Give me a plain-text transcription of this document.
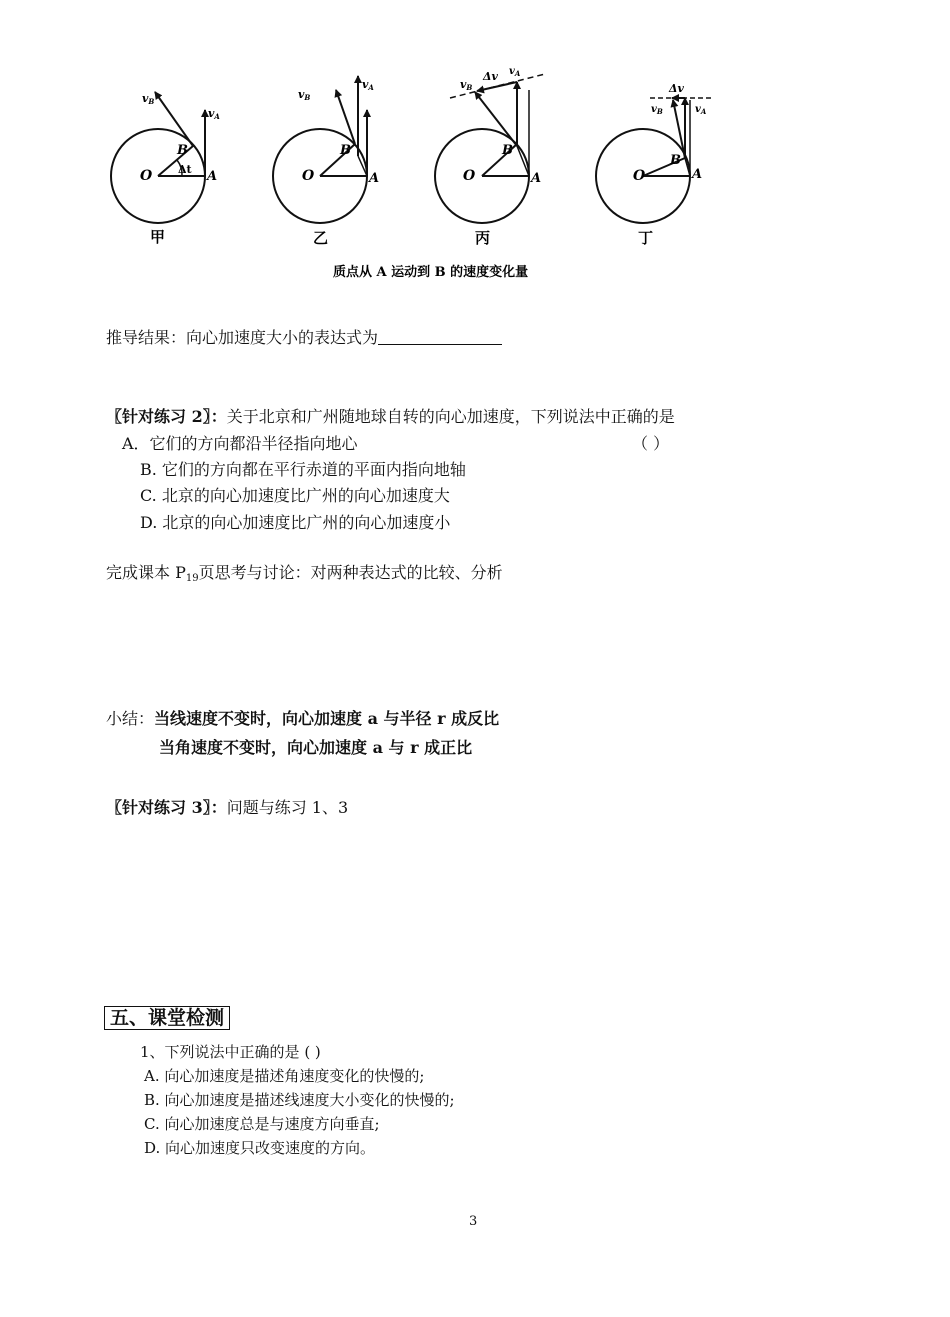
O
B
A
Δt
vB
vA
甲
O
B
A
vB
vA
乙
O
B
A
vB
Δv $v_A$
丙
O
B
A
$v_B$
Δv
$v_A$
丁
质点从 A 运动到 B 的速度变化量
推导结果：向心加速度大小的表达式为
〖针对练习 2〗：关于北京和广州随地球自转的向心加速度，下列说法中正确的是
A．它们的方向都沿半径指向地心	（ ）
B. 它们的方向都在平行赤道的平面内指向地轴
C. 北京的向心加速度比广州的向心加速度大
D. 北京的向心加速度比广州的向心加速度小
完成课本 $P_{19}$页思考与讨论：对两种表达式的比较、分析
小结：当线速度不变时，向心加速度 a 与半径 r 成反比
当角速度不变时，向心加速度 a 与 r 成正比
〖针对练习 3〗：问题与练习 1、3
五、课堂检测
1、下列说法中正确的是 ( )
A. 向心加速度是描述角速度变化的快慢的;
B. 向心加速度是描述线速度大小变化的快慢的;
C. 向心加速度总是与速度方向垂直;
D. 向心加速度只改变速度的方向。
3
